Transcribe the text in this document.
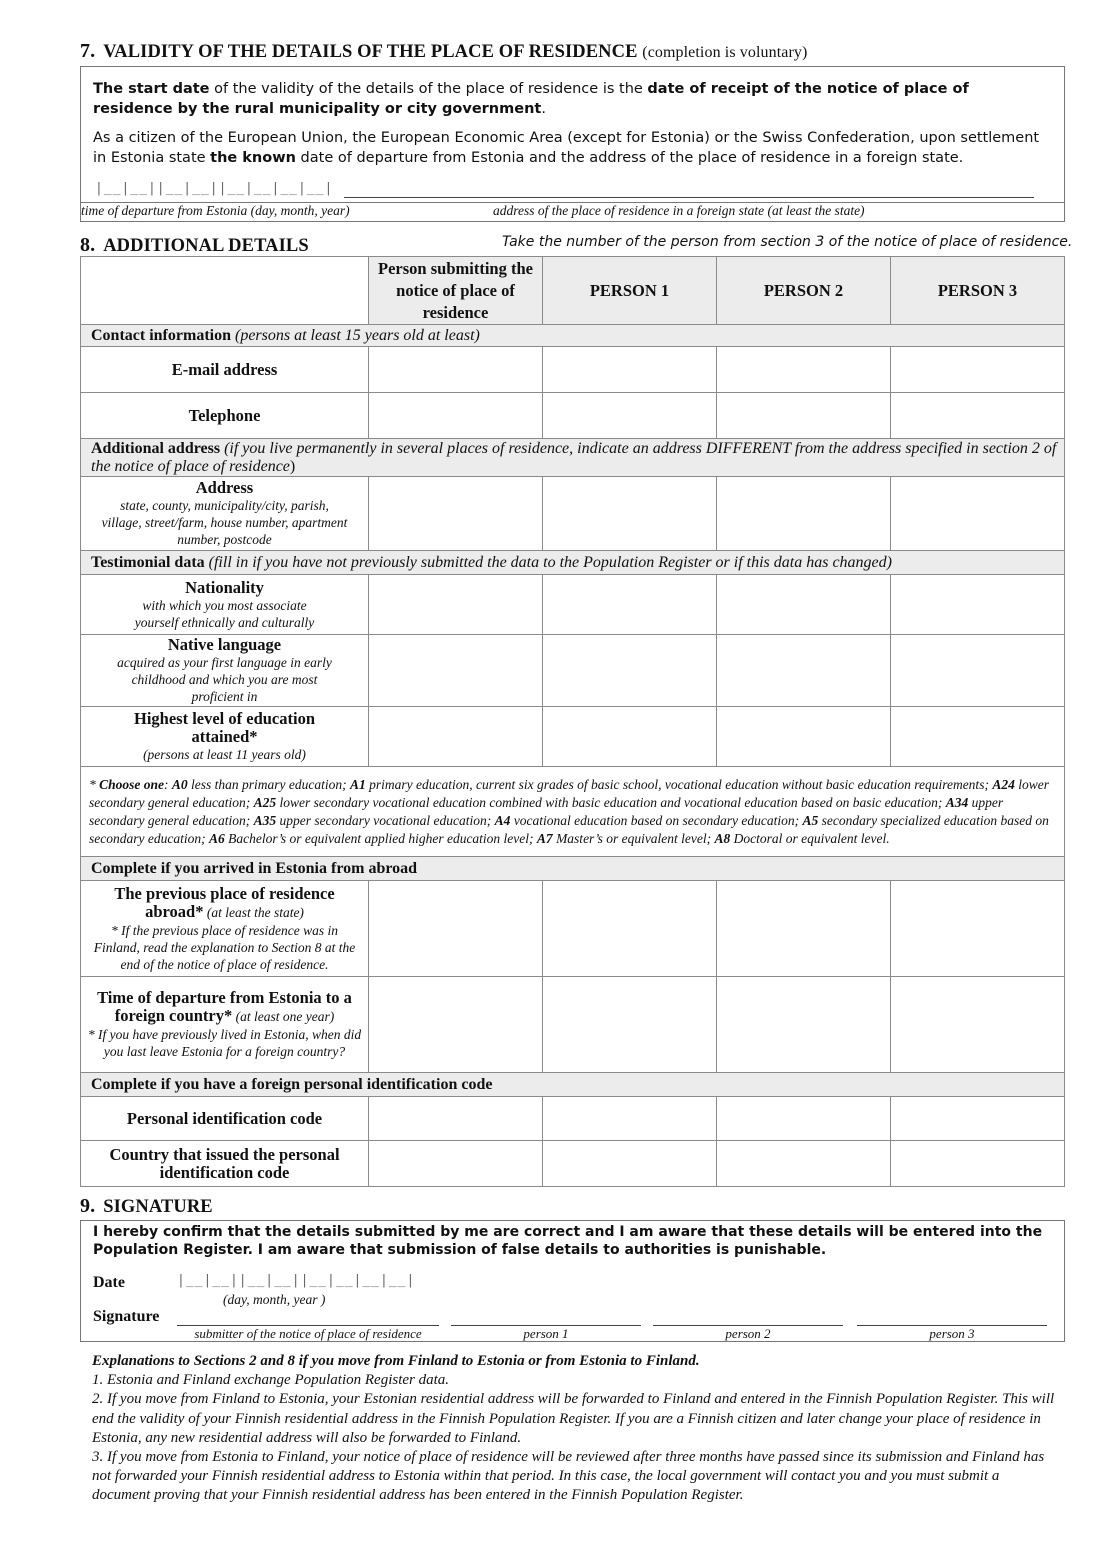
7. VALIDITY OF THE DETAILS OF THE PLACE OF RESIDENCE (completion is voluntary)
The start date of the validity of the details of the place of residence is the date of receipt of the notice of place of residence by the rural municipality or city government.
As a citizen of the European Union, the European Economic Area (except for Estonia) or the Swiss Confederation, upon settlement in Estonia state the known date of departure from Estonia and the address of the place of residence in a foreign state.
|__|__||__|__||__|__|__|__|
time of departure from Estonia (day, month, year)	address of the place of residence in a foreign state (at least the state)
8. ADDITIONAL DETAILS	Take the number of the person from section 3 of the notice of place of residence.
	Person submitting the notice of place of residence	PERSON 1	PERSON 2	PERSON 3
Contact information (persons at least 15 years old at least)				
E-mail address				
Telephone				
Additional address (if you live permanently in several places of residence, indicate an address DIFFERENT from the address specified in section 2 of the notice of place of residence)				
Address
state, county, municipality/city, parish, village, street/farm, house number, apartment number, postcode				

Testimonial data (fill in if you have not previously submitted the data to the Population Register or if this data has changed)				
Nationality
with which you most associate yourself ethnically and culturally				

Native language
acquired as your first language in early childhood and which you are most proficient in				

Highest level of education attained*
(persons at least 11 years old)				

* Choose one: A0 less than primary education; A1 primary education, current six grades of basic school, vocational education without basic education requirements; A24 lower secondary general education; A25 lower secondary vocational education combined with basic education and vocational education based on basic education; A34 upper secondary general education; A35 upper secondary vocational education; A4 vocational education based on secondary education; A5 secondary specialized education based on secondary education; A6 Bachelor’s or equivalent applied higher education level; A7 Master’s or equivalent level; A8 Doctoral or equivalent level.				
Complete if you arrived in Estonia from abroad				

The previous place of residence abroad* (at least the state)
* If the previous place of residence was in Finland, read the explanation to Section 8 at the end of the notice of place of residence.				

Time of departure from Estonia to a foreign country* (at least one year)
* If you have previously lived in Estonia, when did you last leave Estonia for a foreign country?				

Complete if you have a foreign personal identification code				
Personal identification code				

Country that issued the personal identification code				

9. SIGNATURE
I hereby confirm that the details submitted by me are correct and I am aware that these details will be entered into the Population Register. I am aware that submission of false details to authorities is punishable.
Date	|__|__||__|__||__|__|__|__|
(day, month, year )
Signature
submitter of the notice of place of residence	person 1	person 2	person 3
Explanations to Sections 2 and 8 if you move from Finland to Estonia or from Estonia to Finland.
1. Estonia and Finland exchange Population Register data.
2. If you move from Finland to Estonia, your Estonian residential address will be forwarded to Finland and entered in the Finnish Population Register. This will end the validity of your Finnish residential address in the Finnish Population Register. If you are a Finnish citizen and later change your place of residence in Estonia, any new residential address will also be forwarded to Finland.
3. If you move from Estonia to Finland, your notice of place of residence will be reviewed after three months have passed since its submission and Finland has not forwarded your Finnish residential address to Estonia within that period. In this case, the local government will contact you and you must submit a document proving that your Finnish residential address has been entered in the Finnish Population Register.
